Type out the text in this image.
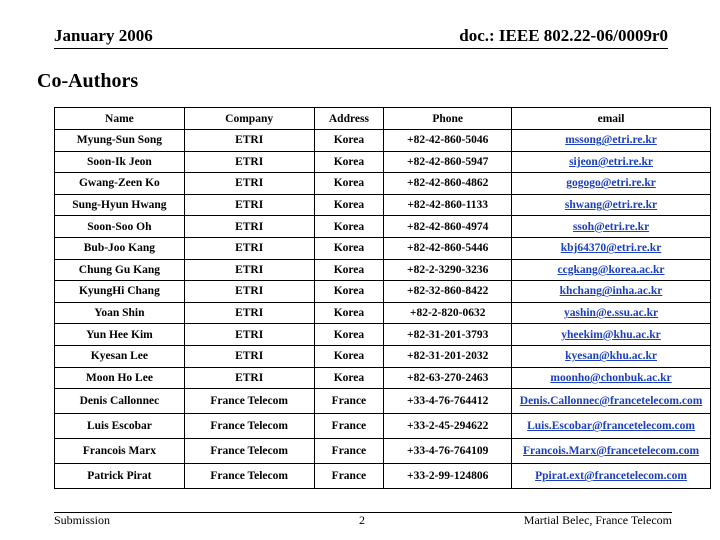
January 2006	doc.: IEEE 802.22-06/0009r0
Co-Authors
Name	Company	Address	Phone	email
Myung-Sun Song	ETRI	Korea	+82-42-860-5046	mssong@etri.re.kr
Soon-Ik Jeon	ETRI	Korea	+82-42-860-5947	sijeon@etri.re.kr
Gwang-Zeen Ko	ETRI	Korea	+82-42-860-4862	gogogo@etri.re.kr
Sung-Hyun Hwang	ETRI	Korea	+82-42-860-1133	shwang@etri.re.kr
Soon-Soo Oh	ETRI	Korea	+82-42-860-4974	ssoh@etri.re.kr
Bub-Joo Kang	ETRI	Korea	+82-42-860-5446	kbj64370@etri.re.kr
Chung Gu Kang	ETRI	Korea	+82-2-3290-3236	ccgkang@korea.ac.kr
KyungHi Chang	ETRI	Korea	+82-32-860-8422	khchang@inha.ac.kr
Yoan Shin	ETRI	Korea	+82-2-820-0632	yashin@e.ssu.ac.kr
Yun Hee Kim	ETRI	Korea	+82-31-201-3793	yheekim@khu.ac.kr
Kyesan Lee	ETRI	Korea	+82-31-201-2032	kyesan@khu.ac.kr
Moon Ho Lee	ETRI	Korea	+82-63-270-2463	moonho@chonbuk.ac.kr
Denis Callonnec	France Telecom	France	+33-4-76-764412	Denis.Callonnec@francetelecom.com
Luis Escobar	France Telecom	France	+33-2-45-294622	Luis.Escobar@francetelecom.com
Francois Marx	France Telecom	France	+33-4-76-764109	Francois.Marx@francetelecom.com
Patrick Pirat	France Telecom	France	+33-2-99-124806	Ppirat.ext@francetelecom.com
Submission	2	Martial Belec, France Telecom
